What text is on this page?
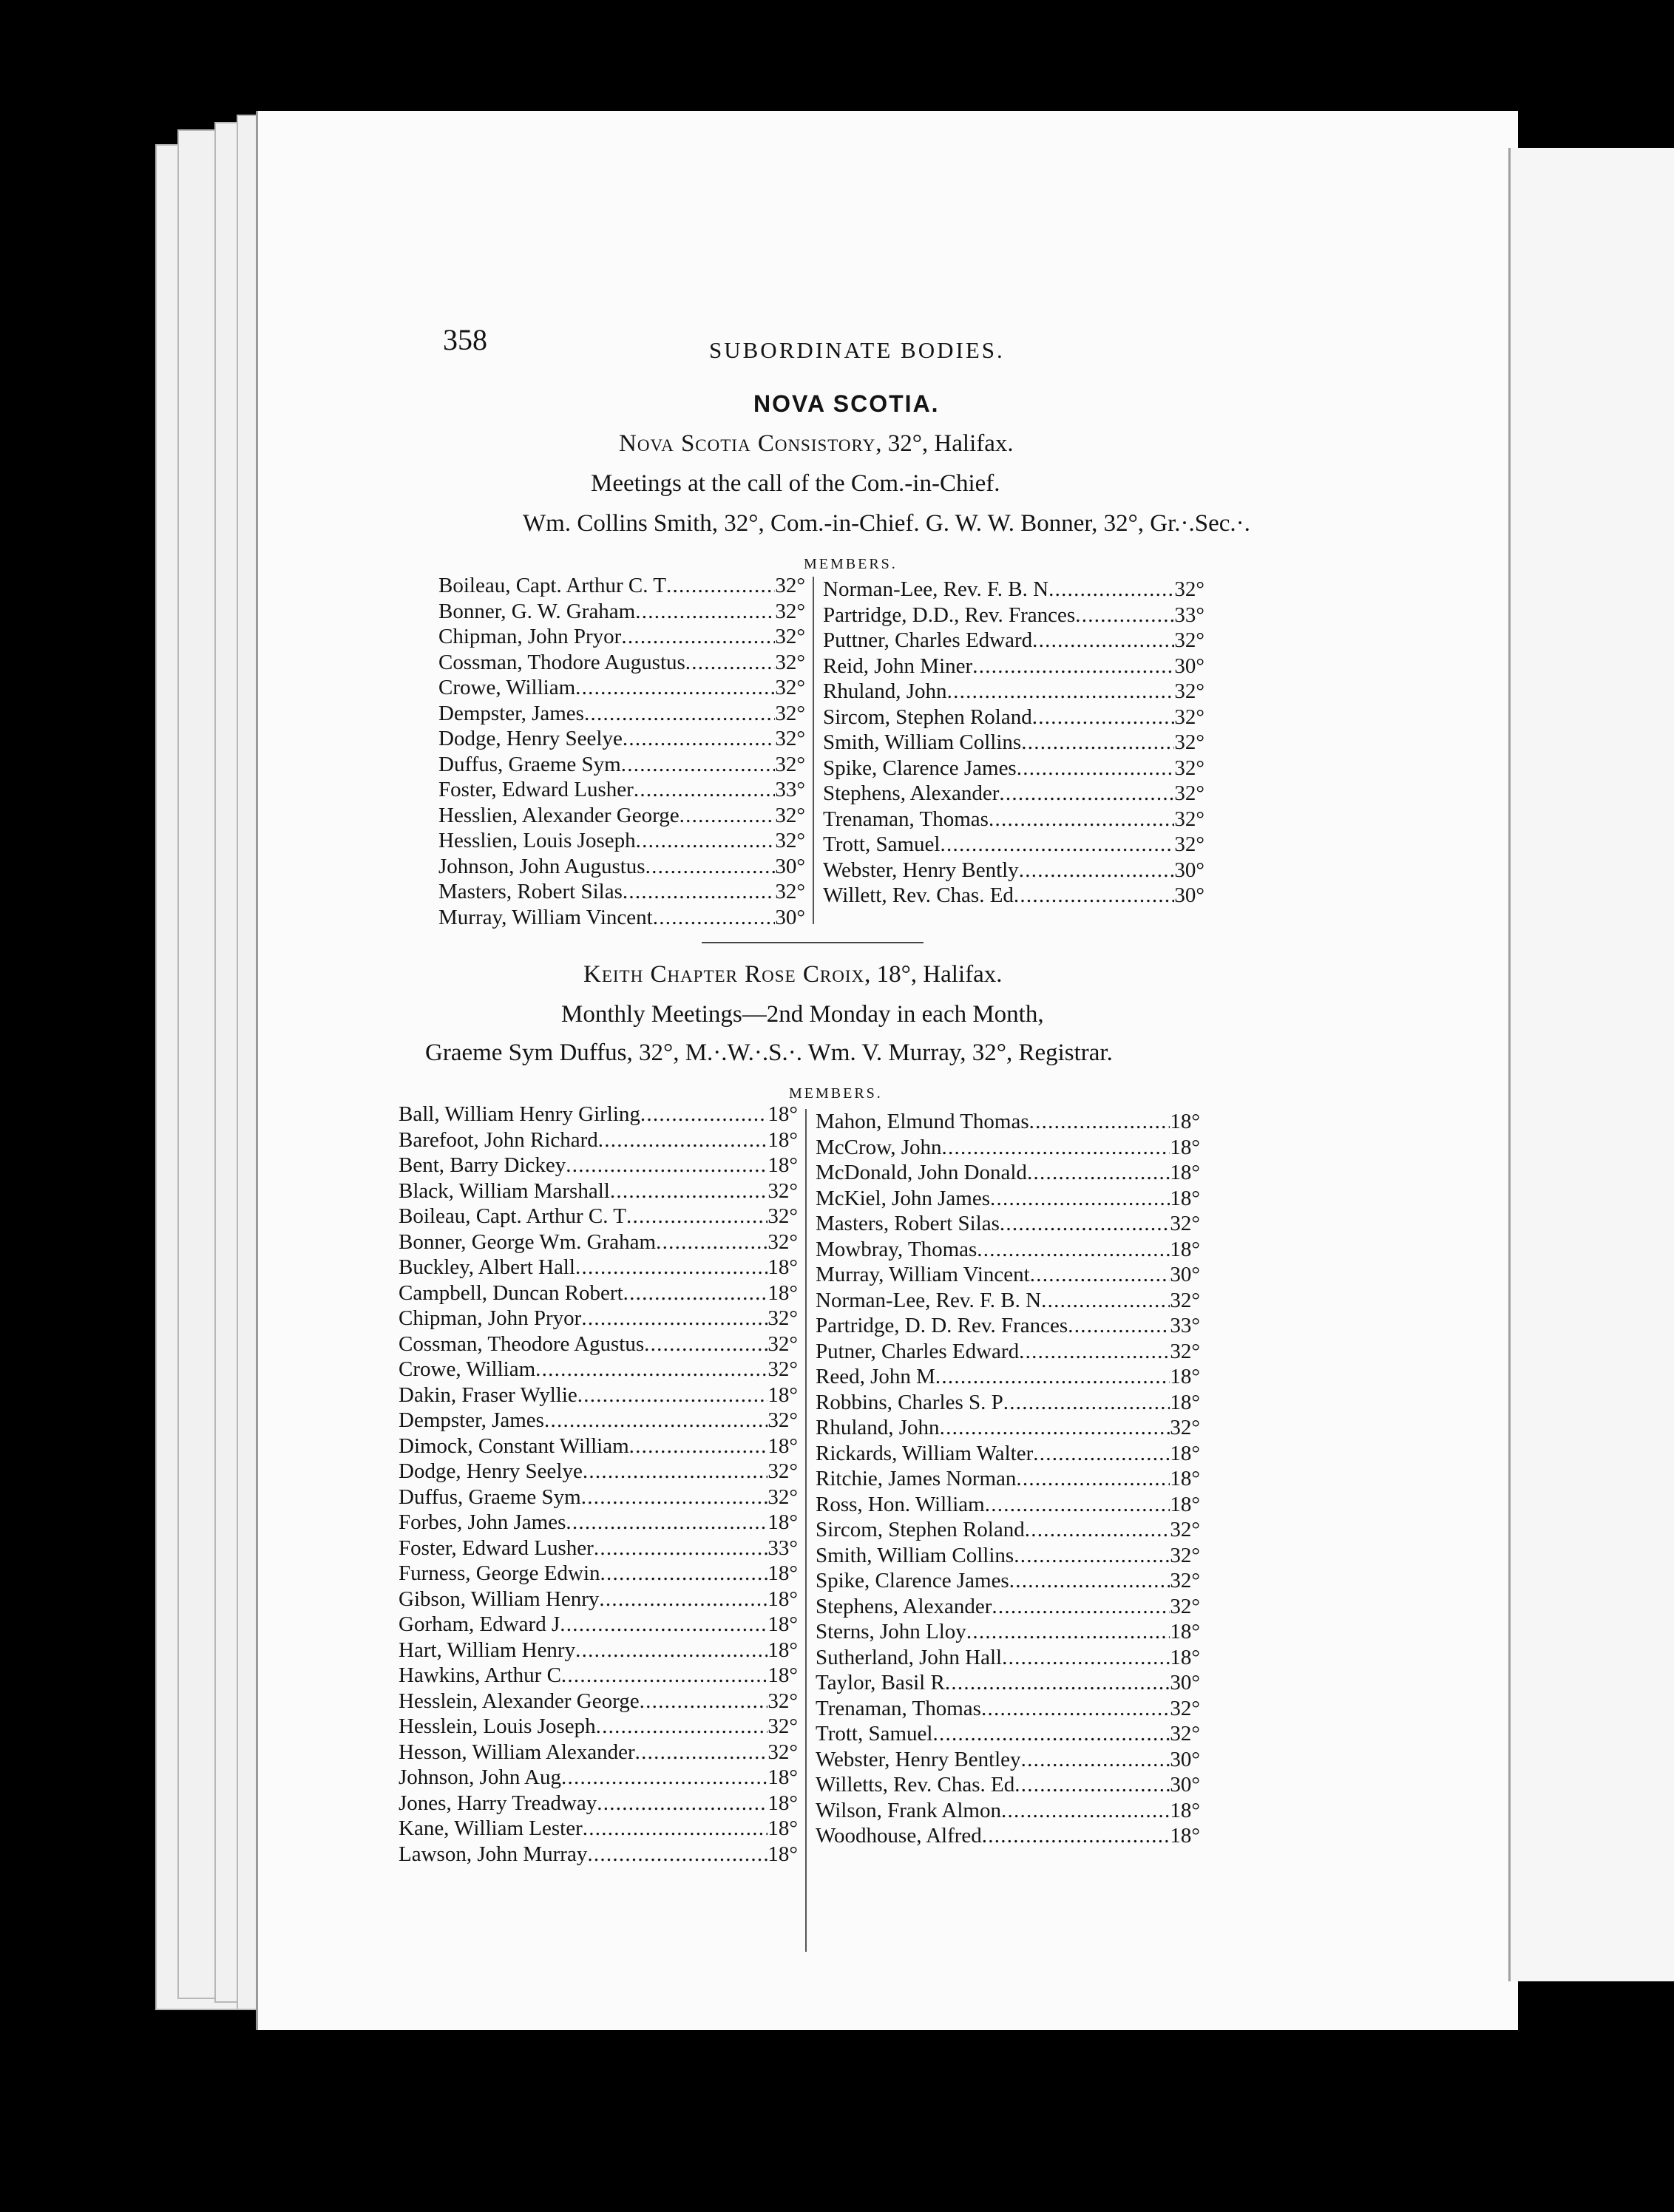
358	SUBORDINATE BODIES.
NOVA SCOTIA.
Nova Scotia Consistory, 32°, Halifax.
Meetings at the call of the Com.-in-Chief.
Wm. Collins Smith, 32°, Com.-in-Chief. G. W. W. Bonner, 32°, Gr.·.Sec.·.
MEMBERS.
Boileau, Capt. Arthur C. T . . .	32°
Bonner, G. W. Graham . . .	32°
Chipman, John Pryor . . .	32°
Cossman, Thodore Augustus . . .	32°
Crowe, William . . .	32°
Dempster, James . . .	32°
Dodge, Henry Seelye . . .	32°
Duffus, Graeme Sym . . .	32°
Foster, Edward Lusher . . .	33°
Hesslien, Alexander George . . .	32°
Hesslien, Louis Joseph . . .	32°
Johnson, John Augustus . . .	30°
Masters, Robert Silas . . .	32°
Murray, William Vincent . . .	30°
Norman-Lee, Rev. F. B. N . . .	32°
Partridge, D.D., Rev. Frances . . .	33°
Puttner, Charles Edward . . .	32°
Reid, John Miner . . .	30°
Rhuland, John . . .	32°
Sircom, Stephen Roland . . .	32°
Smith, William Collins . . .	32°
Spike, Clarence James . . .	32°
Stephens, Alexander . . .	32°
Trenaman, Thomas . . .	32°
Trott, Samuel . . .	32°
Webster, Henry Bently . . .	30°
Willett, Rev. Chas. Ed . . .	30°
Keith Chapter Rose Croix, 18°, Halifax.
Monthly Meetings—2nd Monday in each Month,
Graeme Sym Duffus, 32°, M.·.W.·.S.·. Wm. V. Murray, 32°, Registrar.
MEMBERS.
Ball, William Henry Girling . . .	18°
Barefoot, John Richard . . .	18°
Bent, Barry Dickey . . .	18°
Black, William Marshall . . .	32°
Boileau, Capt. Arthur C. T . . .	32°
Bonner, George Wm. Graham . . .	32°
Buckley, Albert Hall . . .	18°
Campbell, Duncan Robert . . .	18°
Chipman, John Pryor . . .	32°
Cossman, Theodore Agustus . . .	32°
Crowe, William . . .	32°
Dakin, Fraser Wyllie . . .	18°
Dempster, James . . .	32°
Dimock, Constant William . . .	18°
Dodge, Henry Seelye . . .	32°
Duffus, Graeme Sym . . .	32°
Forbes, John James . . .	18°
Foster, Edward Lusher . . .	33°
Furness, George Edwin . . .	18°
Gibson, William Henry . . .	18°
Gorham, Edward J . . .	18°
Hart, William Henry . . .	18°
Hawkins, Arthur C . . .	18°
Hesslein, Alexander George . . .	32°
Hesslein, Louis Joseph . . .	32°
Hesson, William Alexander . . .	32°
Johnson, John Aug . . .	18°
Jones, Harry Treadway . . .	18°
Kane, William Lester . . .	18°
Lawson, John Murray . . .	18°
Mahon, Elmund Thomas . . .	18°
McCrow, John . . .	18°
McDonald, John Donald . . .	18°
McKiel, John James . . .	18°
Masters, Robert Silas . . .	32°
Mowbray, Thomas . . .	18°
Murray, William Vincent . . .	30°
Norman-Lee, Rev. F. B. N . . .	32°
Partridge, D. D. Rev. Frances . . .	33°
Putner, Charles Edward . . .	32°
Reed, John M . . .	18°
Robbins, Charles S. P . . .	18°
Rhuland, John . . .	32°
Rickards, William Walter . . .	18°
Ritchie, James Norman . . .	18°
Ross, Hon. William . . .	18°
Sircom, Stephen Roland . . .	32°
Smith, William Collins . . .	32°
Spike, Clarence James . . .	32°
Stephens, Alexander . . .	32°
Sterns, John Lloy . . .	18°
Sutherland, John Hall . . .	18°
Taylor, Basil R . . .	30°
Trenaman, Thomas . . .	32°
Trott, Samuel . . .	32°
Webster, Henry Bentley . . .	30°
Willetts, Rev. Chas. Ed . . .	30°
Wilson, Frank Almon . . .	18°
Woodhouse, Alfred . . .	18°
